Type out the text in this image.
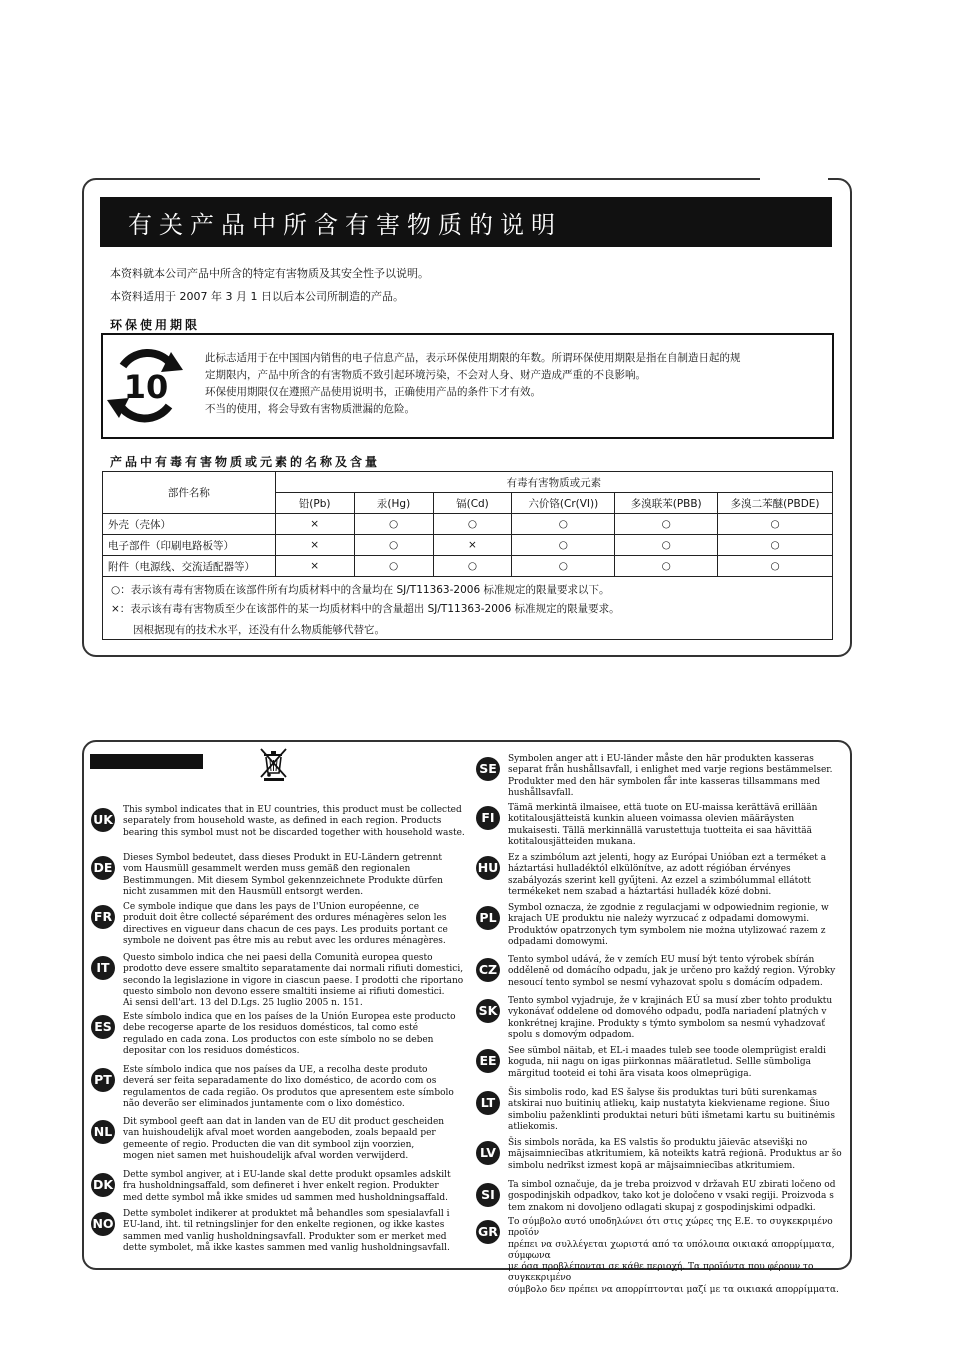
有关产品中所含有害物质的说明
本资料就本公司产品中所含的特定有害物质及其安全性予以说明。
本资料适用于 2007 年 3 月 1 日以后本公司所制造的产品。
环保使用期限
10
此标志适用于在中国国内销售的电子信息产品，表示环保使用期限的年数。所谓环保使用期限是指在自制造日起的规
定期限内，产品中所含的有害物质不致引起环境污染，不会对人身、财产造成严重的不良影响。
环保使用期限仅在遵照产品使用说明书，正确使用产品的条件下才有效。
不当的使用，将会导致有害物质泄漏的危险。
产品中有毒有害物质或元素的名称及含量
部件名称	有毒有害物质或元素					
	铅(Pb)	汞(Hg)	镉(Cd)	六价铬(Cr(VI))	多溴联苯(PBB)	多溴二苯醚(PBDE)
外壳（壳体）	×	○	○	○	○	○
电子部件（印刷电路板等）	×	○	×	○	○	○
附件（电源线、交流适配器等）	×	○	○	○	○	○
○：表示该有毒有害物质在该部件所有均质材料中的含量均在 SJ/T11363-2006 标准规定的限量要求以下。
×：表示该有毒有害物质至少在该部件的某一均质材料中的含量超出 SJ/T11363-2006 标准规定的限量要求。
因根据现有的技术水平，还没有什么物质能够代替它。
UK
This symbol indicates that in EU countries, this product must be collected
separately from household waste, as defined in each region. Products
bearing this symbol must not be discarded together with household waste.
DE
Dieses Symbol bedeutet, dass dieses Produkt in EU-Ländern getrennt
vom Hausmüll gesammelt werden muss gemäß den regionalen
Bestimmungen. Mit diesem Symbol gekennzeichnete Produkte dürfen
nicht zusammen mit den Hausmüll entsorgt werden.
FR
Ce symbole indique que dans les pays de l'Union européenne, ce
produit doit être collecté séparément des ordures ménagères selon les
directives en vigueur dans chacun de ces pays. Les produits portant ce
symbole ne doivent pas être mis au rebut avec les ordures ménagères.
IT
Questo simbolo indica che nei paesi della Comunità europea questo
prodotto deve essere smaltito separatamente dai normali rifiuti domestici,
secondo la legislazione in vigore in ciascun paese. I prodotti che riportano
questo simbolo non devono essere smaltiti insieme ai rifiuti domestici.
Ai sensi dell'art. 13 del D.Lgs. 25 luglio 2005 n. 151.
ES
Este símbolo indica que en los países de la Unión Europea este producto
debe recogerse aparte de los residuos domésticos, tal como esté
regulado en cada zona. Los productos con este símbolo no se deben
depositar con los residuos domésticos.
PT
Este símbolo indica que nos países da UE, a recolha deste produto
deverá ser feita separadamente do lixo doméstico, de acordo com os
regulamentos de cada região. Os produtos que apresentem este símbolo
não deverão ser eliminados juntamente com o lixo doméstico.
NL
Dit symbool geeft aan dat in landen van de EU dit product gescheiden
van huishoudelijk afval moet worden aangeboden, zoals bepaald per
gemeente of regio. Producten die van dit symbool zijn voorzien,
mogen niet samen met huishoudelijk afval worden verwijderd.
DK
Dette symbol angiver, at i EU-lande skal dette produkt opsamles adskilt
fra husholdningsaffald, som defineret i hver enkelt region. Produkter
med dette symbol må ikke smides ud sammen med husholdningsaffald.
NO
Dette symbolet indikerer at produktet må behandles som spesialavfall i
EU-land, iht. til retningslinjer for den enkelte regionen, og ikke kastes
sammen med vanlig husholdningsavfall. Produkter som er merket med
dette symbolet, må ikke kastes sammen med vanlig husholdningsavfall.
SE
Symbolen anger att i EU-länder måste den här produkten kasseras
separat från hushållsavfall, i enlighet med varje regions bestämmelser.
Produkter med den här symbolen får inte kasseras tillsammans med
hushållsavfall.
FI
Tämä merkintä ilmaisee, että tuote on EU-maissa kerättävä erillään
kotitalousjätteistä kunkin alueen voimassa olevien määräysten
mukaisesti. Tällä merkinnällä varustettuja tuotteita ei saa hävittää
kotitalousjätteiden mukana.
HU
Ez a szimbólum azt jelenti, hogy az Európai Unióban ezt a terméket a
háztartási hulladéktól elkülönítve, az adott régióban érvényes
szabályozás szerint kell gyűjteni. Az ezzel a szimbólummal ellátott
termékeket nem szabad a háztartási hulladék közé dobni.
PL
Symbol oznacza, że zgodnie z regulacjami w odpowiednim regionie, w
krajach UE produktu nie należy wyrzucać z odpadami domowymi.
Produktów opatrzonych tym symbolem nie można utylizować razem z
odpadami domowymi.
CZ
Tento symbol udává, že v zemích EU musí být tento výrobek sbírán
odděleně od domácího odpadu, jak je určeno pro každý region. Výrobky
nesoucí tento symbol se nesmí vyhazovat spolu s domácím odpadem.
SK
Tento symbol vyjadruje, že v krajinách EÚ sa musí zber tohto produktu
vykonávať oddelene od domového odpadu, podľa nariadení platných v
konkrétnej krajine. Produkty s týmto symbolom sa nesmú vyhadzovať
spolu s domovým odpadom.
EE
See sümbol näitab, et EL-i maades tuleb see toode olemprügist eraldi
koguda, nii nagu on igas piirkonnas määratletud. Sellle sümboliga
märgitud tooteid ei tohi ära visata koos olmeprügiga.
LT
Šis simbolis rodo, kad ES šalyse šis produktas turi būti surenkamas
atskirai nuo buitinių atliekų, kaip nustatyta kiekviename regione. Šiuo
simboliu paženklinti produktai neturi būti išmetami kartu su buitinėmis
atliekomis.
LV
Šis simbols norāda, ka ES valstīs šo produktu jāievāc atsevišķi no
mājsaimniecības atkritumiem, kā noteikts katrā reģionā. Produktus ar šo
simbolu nedrīkst izmest kopā ar mājsaimniecības atkritumiem.
SI
Ta simbol označuje, da je treba proizvod v državah EU zbirati ločeno od
gospodinjskih odpadkov, tako kot je določeno v vsaki regiji. Proizvoda s
tem znakom ni dovoljeno odlagati skupaj z gospodinjskimi odpadki.
GR
Το σύμβολο αυτό υποδηλώνει ότι στις χώρες της Ε.Ε. το συγκεκριμένο προϊόν
πρέπει να συλλέγεται χωριστά από τα υπόλοιπα οικιακά απορρίμματα, σύμφωνα
με όσα προβλέπονται σε κάθε περιοχή. Τα προϊόντα που φέρουν το συγκεκριμένο
σύμβολο δεν πρέπει να απορρίπτονται μαζί με τα οικιακά απορρίμματα.
